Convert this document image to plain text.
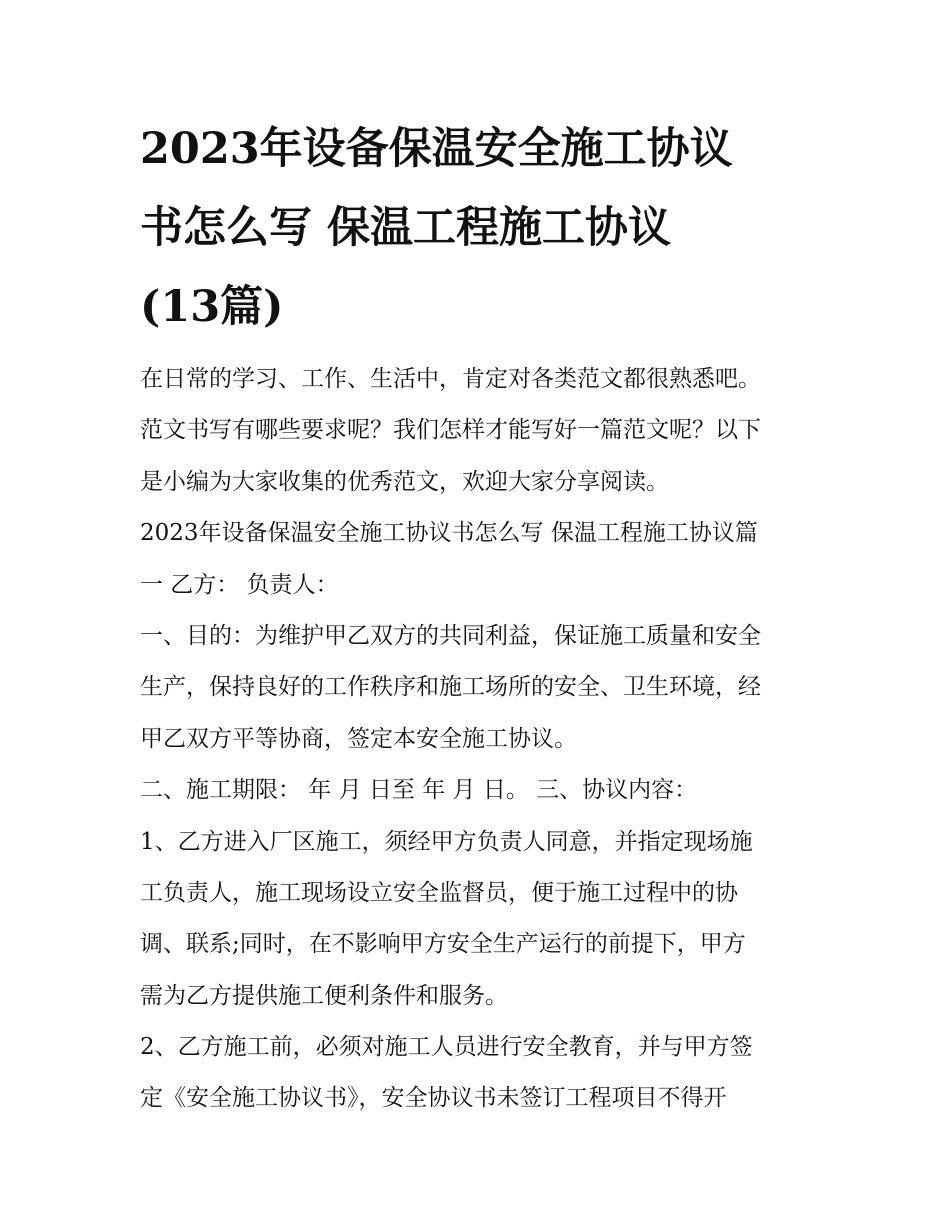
2023年设备保温安全施工协议
书怎么写 保温工程施工协议
(13篇)
在日常的学习、工作、生活中，肯定对各类范文都很熟悉吧。
范文书写有哪些要求呢？我们怎样才能写好一篇范文呢？以下
是小编为大家收集的优秀范文，欢迎大家分享阅读。
2023年设备保温安全施工协议书怎么写 保温工程施工协议篇
一 乙方： 负责人：
一、目的：为维护甲乙双方的共同利益，保证施工质量和安全
生产，保持良好的工作秩序和施工场所的安全、卫生环境，经
甲乙双方平等协商，签定本安全施工协议。
二、施工期限： 年 月 日至 年 月 日。 三、协议内容：
1、乙方进入厂区施工，须经甲方负责人同意，并指定现场施
工负责人，施工现场设立安全监督员，便于施工过程中的协
调、联系;同时，在不影响甲方安全生产运行的前提下，甲方
需为乙方提供施工便利条件和服务。
2、乙方施工前，必须对施工人员进行安全教育，并与甲方签
定《安全施工协议书》，安全协议书未签订工程项目不得开
